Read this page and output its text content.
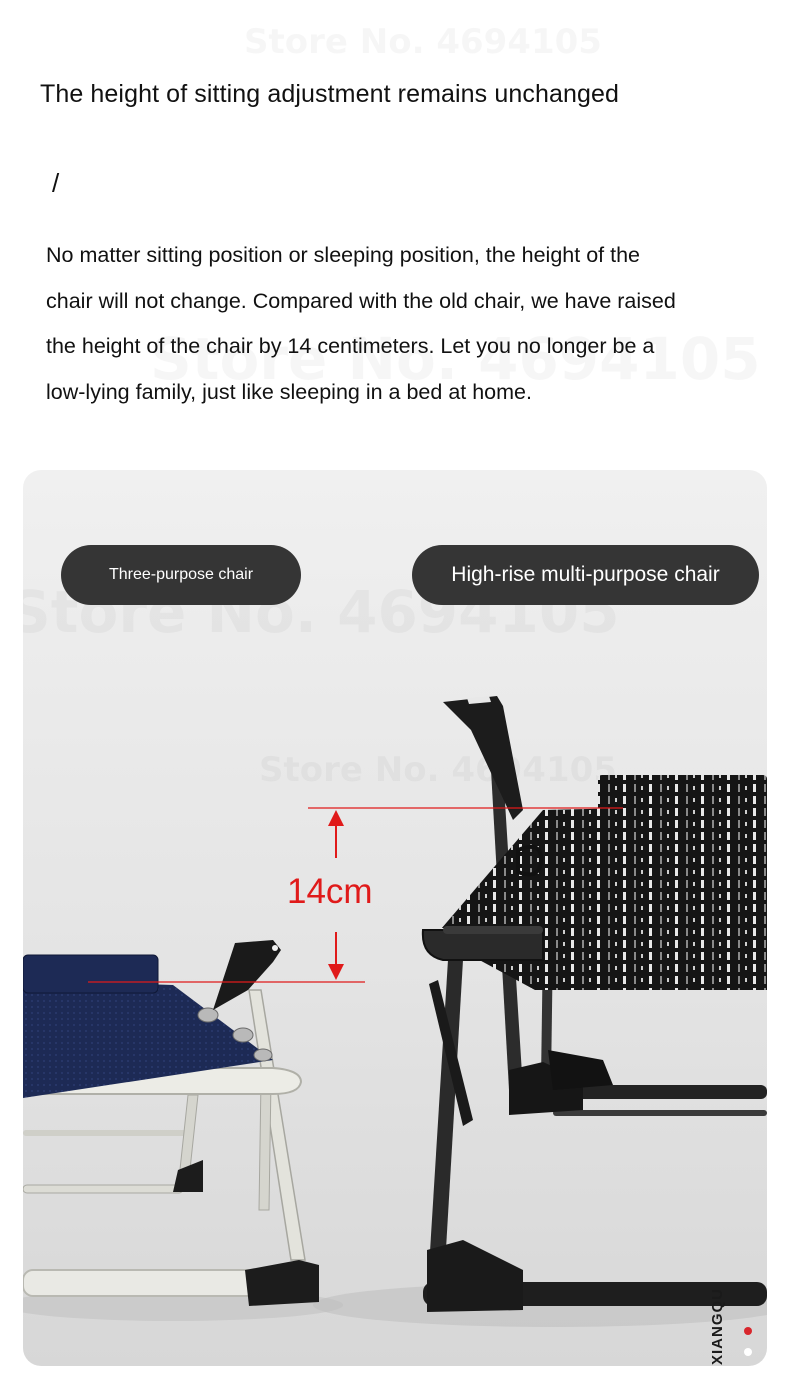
The height of sitting adjustment remains unchanged
/
No matter sitting position or sleeping position, the height of the
chair will not change. Compared with the old chair, we have raised
the height of the chair by 14 centimeters. Let you no longer be a
low-lying family, just like sleeping in a bed at home.
Three-purpose chair	High-rise multi-purpose chair
14cm
XIANGQU
